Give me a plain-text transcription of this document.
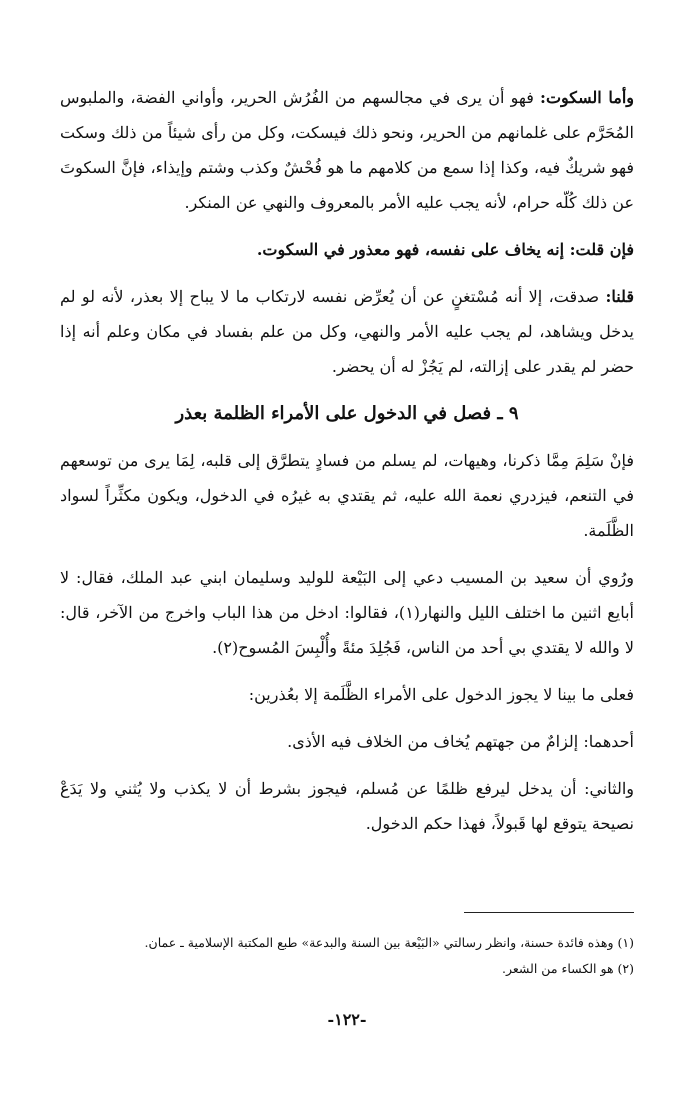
وأما السكوت: فهو أن يرى في مجالسهم من الفُرُش الحرير، وأواني الفضة، والملبوس المُحَرَّم على غلمانهم من الحرير، ونحو ذلك فيسكت، وكل من رأى شيئاً من ذلك وسكت فهو شريكٌ فيه، وكذا إذا سمع من كلامهم ما هو فُحْشٌ وكذب وشتم وإيذاء، فإنَّ السكوتَ عن ذلك كُلّه حرام، لأنه يجب عليه الأمر بالمعروف والنهي عن المنكر.

فإن قلت: إنه يخاف على نفسه، فهو معذور في السكوت.

قلنا: صدقت، إلا أنه مُسْتغنٍ عن أن يُعرِّض نفسه لارتكاب ما لا يباح إلا بعذر، لأنه لو لم يدخل ويشاهد، لم يجب عليه الأمر والنهي، وكل من علم بفساد في مكان وعلم أنه إذا حضر لم يقدر على إزالته، لم يَجُزْ له أن يحضر.

٩ ـ فصل في الدخول على الأمراء الظلمة بعذر

فإنْ سَلِمَ مِمَّا ذكرنا، وهيهات، لم يسلم من فسادٍ يتطرَّق إلى قلبه، لِمَا يرى من توسعهم في التنعم، فيزدري نعمة الله عليه، ثم يقتدي به غيرُه في الدخول، ويكون مكثِّراً لسواد الظَّلَمة.

ورُوي أن سعيد بن المسيب دعي إلى البَيْعة للوليد وسليمان ابني عبد الملك، فقال: لا أبايع اثنين ما اختلف الليل والنهار(١)، فقالوا: ادخل من هذا الباب واخرج من الآخر، قال: لا والله لا يقتدي بي أحد من الناس، فَجُلِدَ مئةً وأُلْبِسَ المُسوح(٢).

فعلى ما بينا لا يجوز الدخول على الأمراء الظَّلَمة إلا بعُذرين:

أحدهما: إلزامٌ من جهتهم يُخاف من الخلاف فيه الأذى.

والثاني: أن يدخل ليرفع ظلمًا عن مُسلم، فيجوز بشرط أن لا يكذب ولا يُثني ولا يَدَعْ نصيحة يتوقع لها قَبولاً، فهذا حكم الدخول.

(١) وهذه فائدة حسنة، وانظر رسالتي «البَيْعة بين السنة والبدعة» طبع المكتبة الإسلامية ـ عمان.
(٢) هو الكساء من الشعر.
-١٢٢-
